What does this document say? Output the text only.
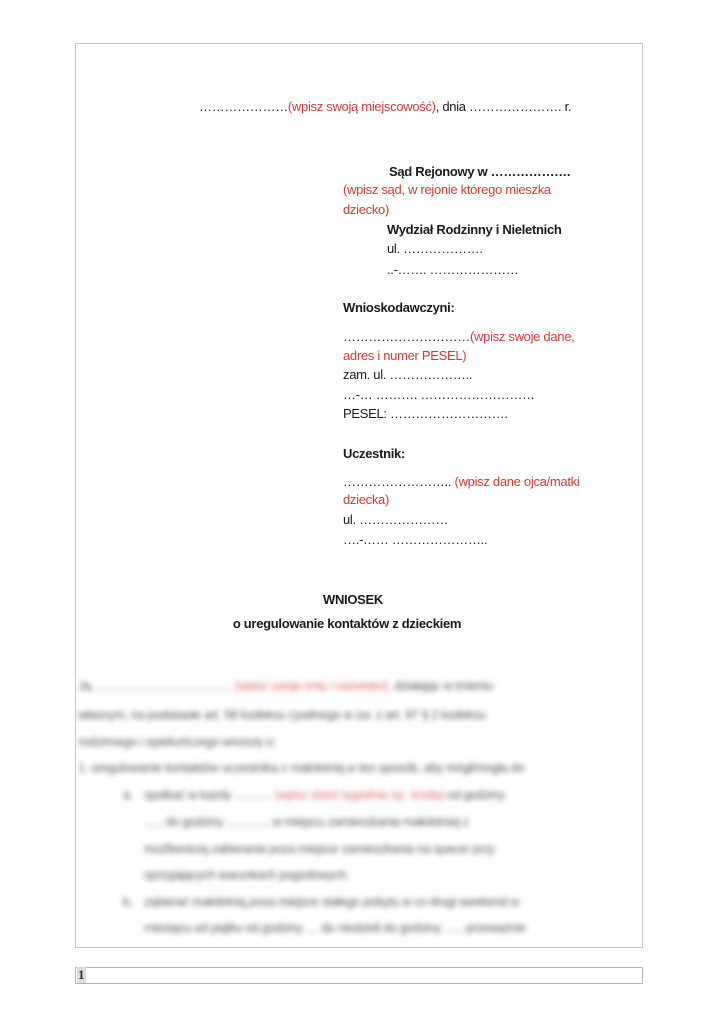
…………………(wpisz swoją miejscowość), dnia …………………. r.
Sąd Rejonowy w ……………….
(wpisz sąd, w rejonie którego mieszka
dziecko)
Wydział Rodzinny i Nieletnich
ul. ……………….
..-……. …………………
Wnioskodawczyni:
…………………………(wpisz swoje dane,
adres i numer PESEL)
zam. ul. ………………..
…-… ………. ………………………
PESEL: ……………………….
Uczestnik:
…………………….. (wpisz dane ojca/matki
dziecka)
ul. …………………
….-…… …………………..
WNIOSEK
o uregulowanie kontaktów z dzieckiem
Ja, …………………………… (wpisz swoje imię i nazwisko), działając w imieniu
własnym, na podstawie art. 58 kodeksu cywilnego w zw. z art. 97 § 2 kodeksu
rodzinnego i opiekuńczego wnoszę o:
1. uregulowanie kontaktów uczestnika z małoletnią w ten sposób, aby mógł/mogła do
a. spotkać w każdy ……… (wpisz dzień tygodnia np. środa) od godziny
….. do godziny ……….. w miejscu zamieszkania małoletniej z
możliwością zabierania poza miejsce zamieszkania na spacer przy
sprzyjających warunkach pogodowych.
b. zabierać małoletnią poza miejsce stałego pobytu w co drugi weekend w
miesiącu od piątku od godziny … do niedzieli do godziny ….. przeważnie
1
